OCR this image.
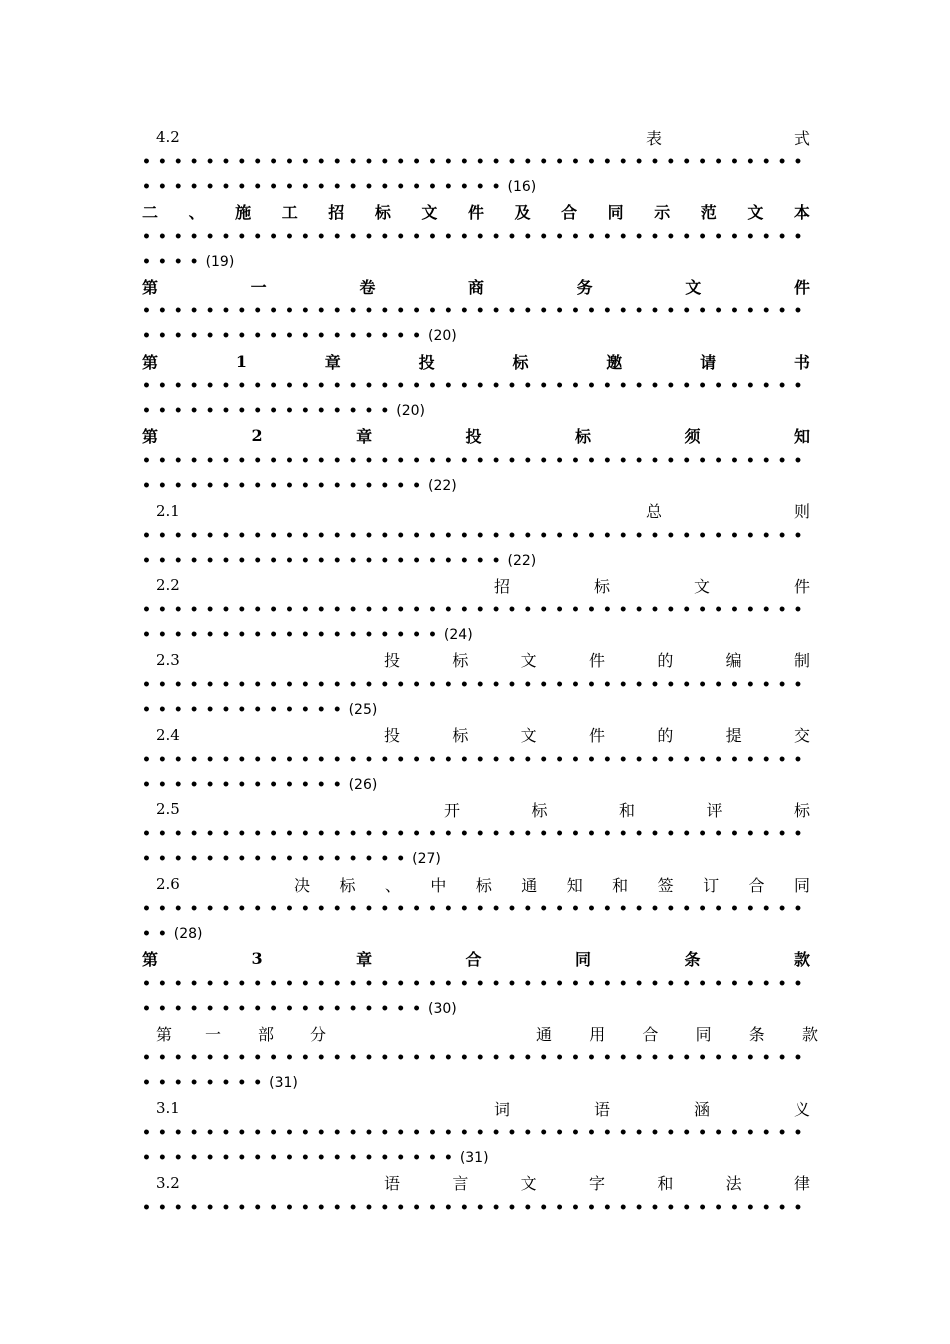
4.2	表	式
• • • • • • • • • • • • • • • • • • • • • • • • • • • • • • • • • • • • • • • • • •
• • • • • • • • • • • • • • • • • • • • • • • (16)
二 、 施 工 招 标 文 件 及 合 同 示 范 文 本
• • • • • • • • • • • • • • • • • • • • • • • • • • • • • • • • • • • • • • • • • •
• • • • (19)
第	一	卷	商	务	文	件
• • • • • • • • • • • • • • • • • • • • • • • • • • • • • • • • • • • • • • • • • •
• • • • • • • • • • • • • • • • • • (20)
第	1	章	投	标	邀	请	书
• • • • • • • • • • • • • • • • • • • • • • • • • • • • • • • • • • • • • • • • • •
• • • • • • • • • • • • • • • • (20)
第	2	章	投	标	须	知
• • • • • • • • • • • • • • • • • • • • • • • • • • • • • • • • • • • • • • • • • •
• • • • • • • • • • • • • • • • • • (22)
2.1	总	则
• • • • • • • • • • • • • • • • • • • • • • • • • • • • • • • • • • • • • • • • • •
• • • • • • • • • • • • • • • • • • • • • • • (22)
2.2	招	标	文	件
• • • • • • • • • • • • • • • • • • • • • • • • • • • • • • • • • • • • • • • • • •
• • • • • • • • • • • • • • • • • • • (24)
2.3	投	标	文	件	的	编	制
• • • • • • • • • • • • • • • • • • • • • • • • • • • • • • • • • • • • • • • • • •
• • • • • • • • • • • • • (25)
2.4	投	标	文	件	的	提	交
• • • • • • • • • • • • • • • • • • • • • • • • • • • • • • • • • • • • • • • • • •
• • • • • • • • • • • • • (26)
2.5	开	标	和	评	标
• • • • • • • • • • • • • • • • • • • • • • • • • • • • • • • • • • • • • • • • • •
• • • • • • • • • • • • • • • • • (27)
2.6	决 标 、 中 标 通 知 和 签 订 合 同
• • • • • • • • • • • • • • • • • • • • • • • • • • • • • • • • • • • • • • • • • •
• • (28)
第	3	章	合	同	条	款
• • • • • • • • • • • • • • • • • • • • • • • • • • • • • • • • • • • • • • • • • •
• • • • • • • • • • • • • • • • • • (30)
第 一 部 分	通 用 合 同 条 款
• • • • • • • • • • • • • • • • • • • • • • • • • • • • • • • • • • • • • • • • • •
• • • • • • • • (31)
3.1	词	语	涵	义
• • • • • • • • • • • • • • • • • • • • • • • • • • • • • • • • • • • • • • • • • •
• • • • • • • • • • • • • • • • • • • • (31)
3.2	语	言	文	字	和	法	律
• • • • • • • • • • • • • • • • • • • • • • • • • • • • • • • • • • • • • • • • • •
